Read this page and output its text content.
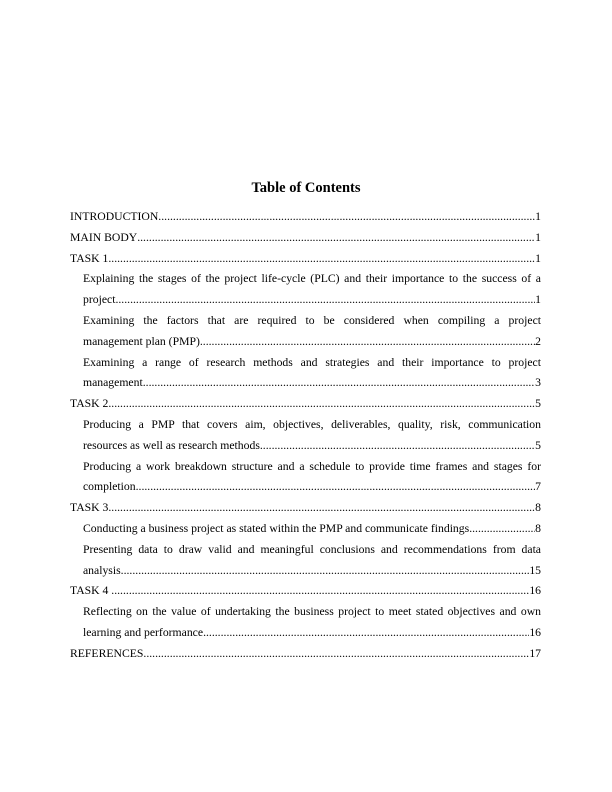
Table of Contents
INTRODUCTION .....	1
MAIN BODY .....	1
TASK 1 .....	1
Explaining the stages of the project life-cycle (PLC) and their importance to the success of a
project .....	1
Examining the factors that are required to be considered when compiling a project
management plan (PMP) .....	2
Examining a range of research methods and strategies and their importance to project
management .....	3
TASK 2 .....	5
Producing a PMP that covers aim, objectives, deliverables, quality, risk, communication
resources as well as research methods .....	5
Producing a work breakdown structure and a schedule to provide time frames and stages for
completion .....	7
TASK 3 .....	8
Conducting a business project as stated within the PMP and communicate findings .....	8
Presenting data to draw valid and meaningful conclusions and recommendations from data
analysis .....	15
TASK 4 .....	16
Reflecting on the value of undertaking the business project to meet stated objectives and own
learning and performance .....	16
REFERENCES .....	17
